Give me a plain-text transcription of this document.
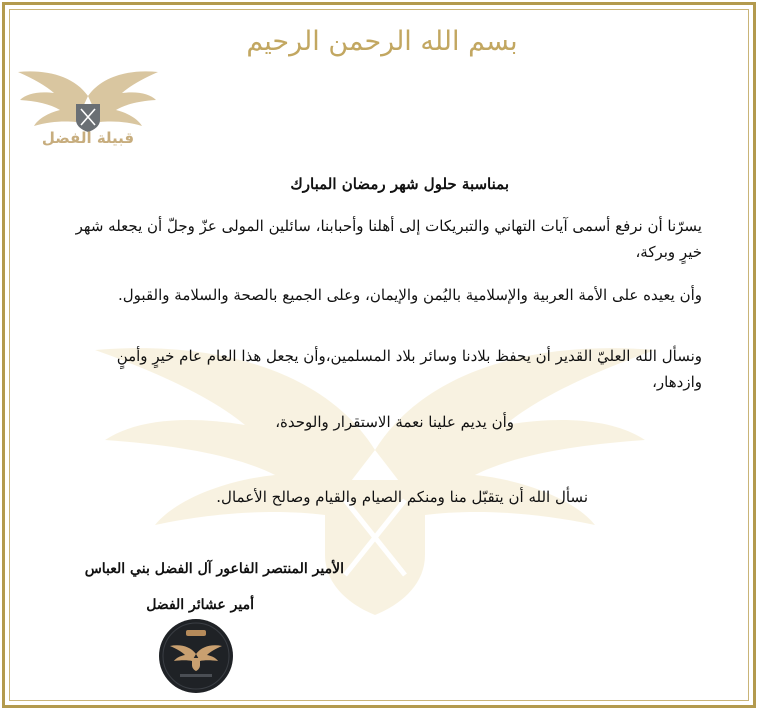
بسم الله الرحمن الرحيم
قبيلة الفضل
بمناسبة حلول شهر رمضان المبارك
يسرّنا أن نرفع أسمى آيات التهاني والتبريكات إلى أهلنا وأحبابنا، سائلين المولى عزّ وجلّ أن يجعله شهر خيرٍ وبركة،
وأن يعيده على الأمة العربية والإسلامية باليُمن والإيمان، وعلى الجميع بالصحة والسلامة والقبول.
ونسأل الله العليّ القدير أن يحفظ بلادنا وسائر بلاد المسلمين،وأن يجعل هذا العام عام خيرٍ وأمنٍ وازدهار،
وأن يديم علينا نعمة الاستقرار والوحدة،
نسأل الله أن يتقبّل منا ومنكم الصيام والقيام وصالح الأعمال.
الأمير المنتصر الفاعور آل الفضل بني العباس
أمير عشائر الفضل
